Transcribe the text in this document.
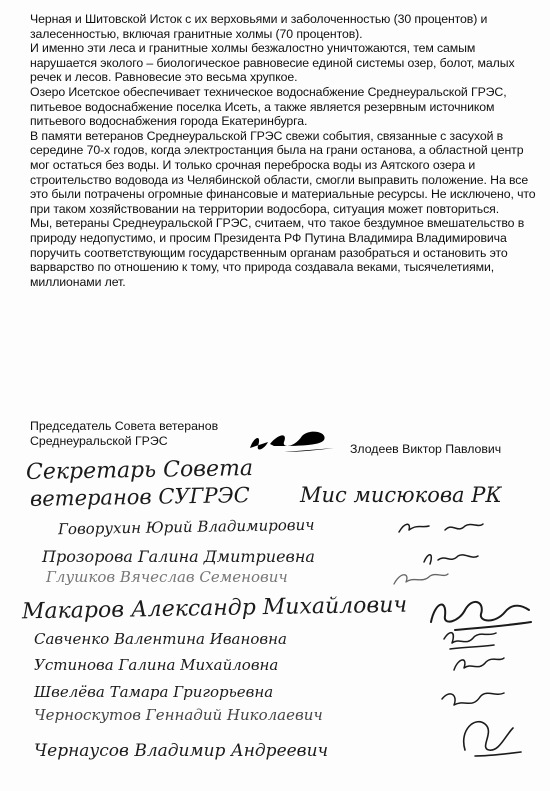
Черная и Шитовской Исток с их верховьями и заболоченностью (30 процентов) и залесенностью, включая гранитные холмы (70 процентов).

И именно эти леса и гранитные холмы безжалостно уничтожаются, тем самым нарушается эколого – биологическое равновесие единой системы озер, болот, малых речек и лесов. Равновесие это весьма хрупкое.

Озеро Исетское обеспечивает техническое водоснабжение Среднеуральской ГРЭС, питьевое водоснабжение поселка Исеть, а также является резервным источником питьевого водоснабжения города Екатеринбурга.

В памяти ветеранов Среднеуральской ГРЭС свежи события, связанные с засухой в середине 70-х годов, когда электростанция была на грани останова, а областной центр мог остаться без воды. И только срочная переброска воды из Аятского озера и строительство водовода из Челябинской области, смогли выправить положение. На все это были потрачены огромные финансовые и материальные ресурсы. Не исключено, что при таком хозяйствовании на территории водосбора, ситуация может повториться.

Мы, ветераны Среднеуральской ГРЭС, считаем, что такое бездумное вмешательство в природу недопустимо, и просим Президента РФ Путина Владимира Владимировича поручить соответствующим государственным органам разобраться и остановить это варварство по отношению к тому, что природа создавала веками, тысячелетиями, миллионами лет.

Председатель Совета ветеранов
Среднеуральской ГРЭС
Злодеев Виктор Павлович
Секретарь Совета
ветеранов СУГРЭС Мис мисюкова РК
Говорухин Юрий Владимирович
Прозорова Галина Дмитриевна
Глушков Вячеслав Семенович
Макаров Александр Михайлович
Савченко Валентина Ивановна
Устинова Галина Михайловна
Швелёва Тамара Григорьевна
Черноскутов Геннадий Николаевич
Чернаусов Владимир Андреевич
